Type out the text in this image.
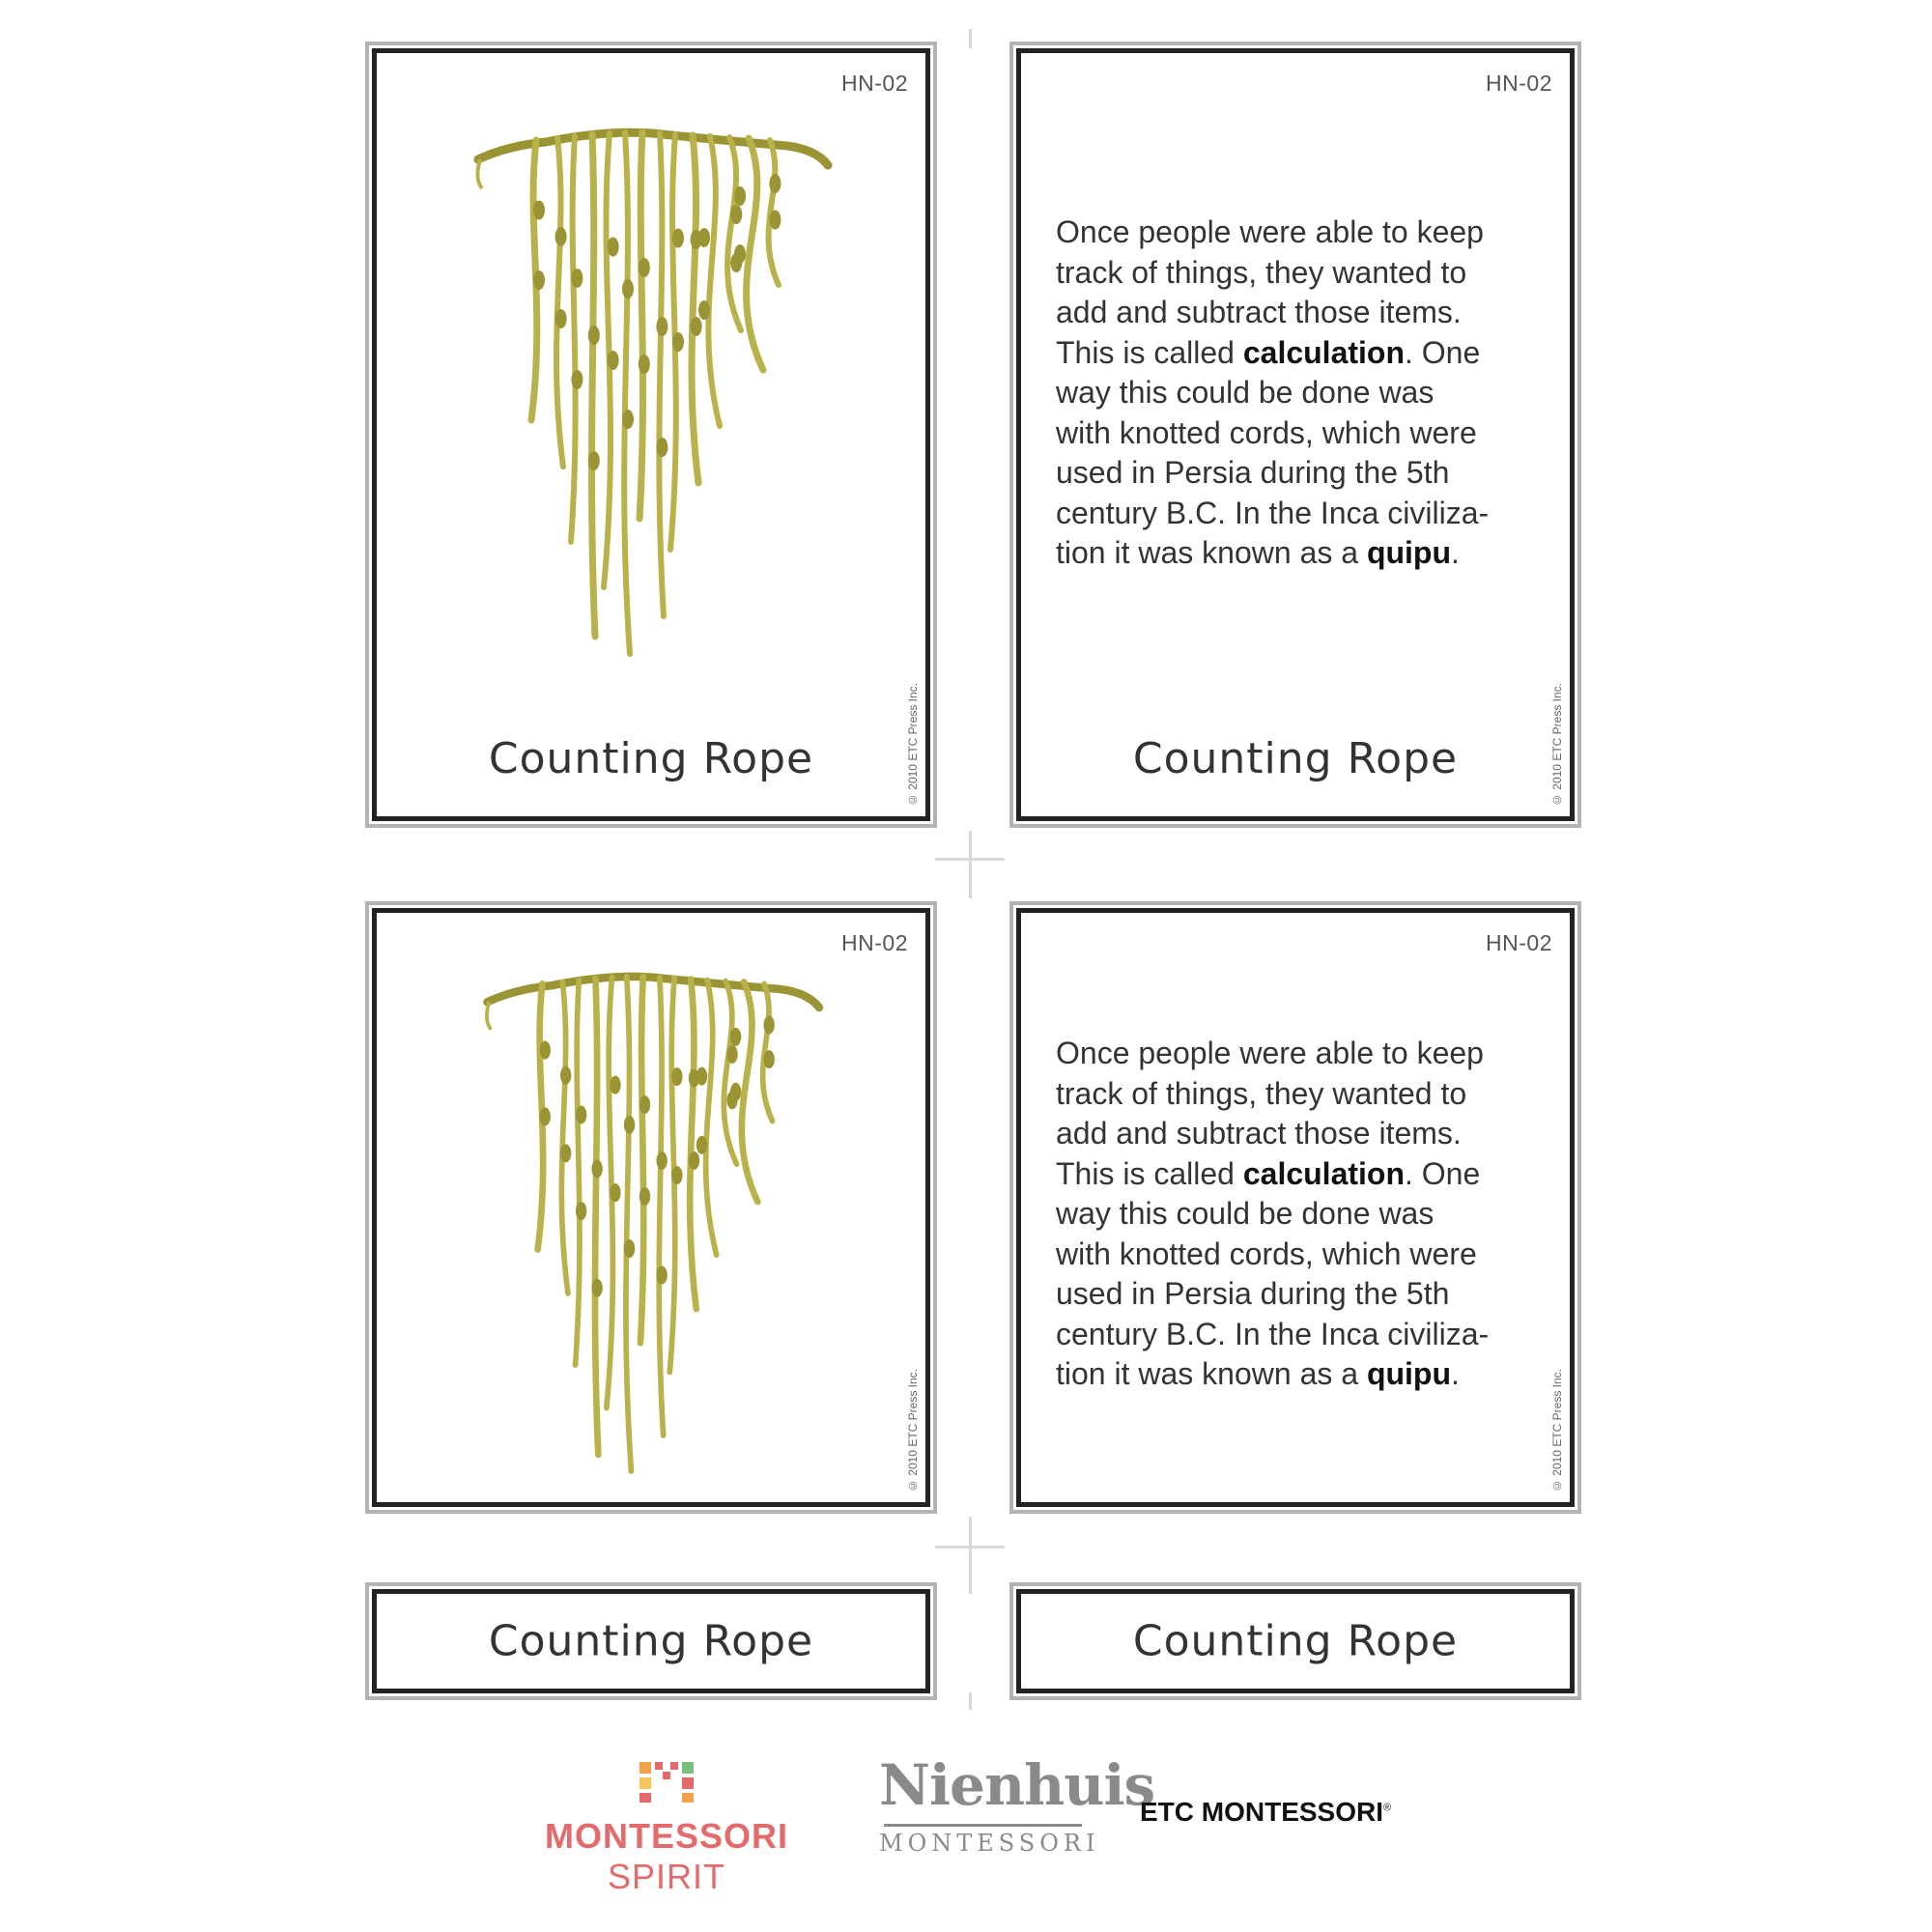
HN-02
Counting Rope	© 2010 ETC Press Inc.
HN-02
Once people were able to keep
track of things, they wanted to
add and subtract those items.
This is called calculation. One
way this could be done was
with knotted cords, which were
used in Persia during the 5th
century B.C. In the Inca civiliza-
tion it was known as a quipu.
Counting Rope	© 2010 ETC Press Inc.
HN-02
© 2010 ETC Press Inc.
HN-02
Once people were able to keep
track of things, they wanted to
add and subtract those items.
This is called calculation. One
way this could be done was
with knotted cords, which were
used in Persia during the 5th
century B.C. In the Inca civiliza-
tion it was known as a quipu.	© 2010 ETC Press Inc.
Counting Rope	Counting Rope
MONTESSORI SPIRIT
Nienhuis
MONTESSORI
ETC MONTESSORI®
